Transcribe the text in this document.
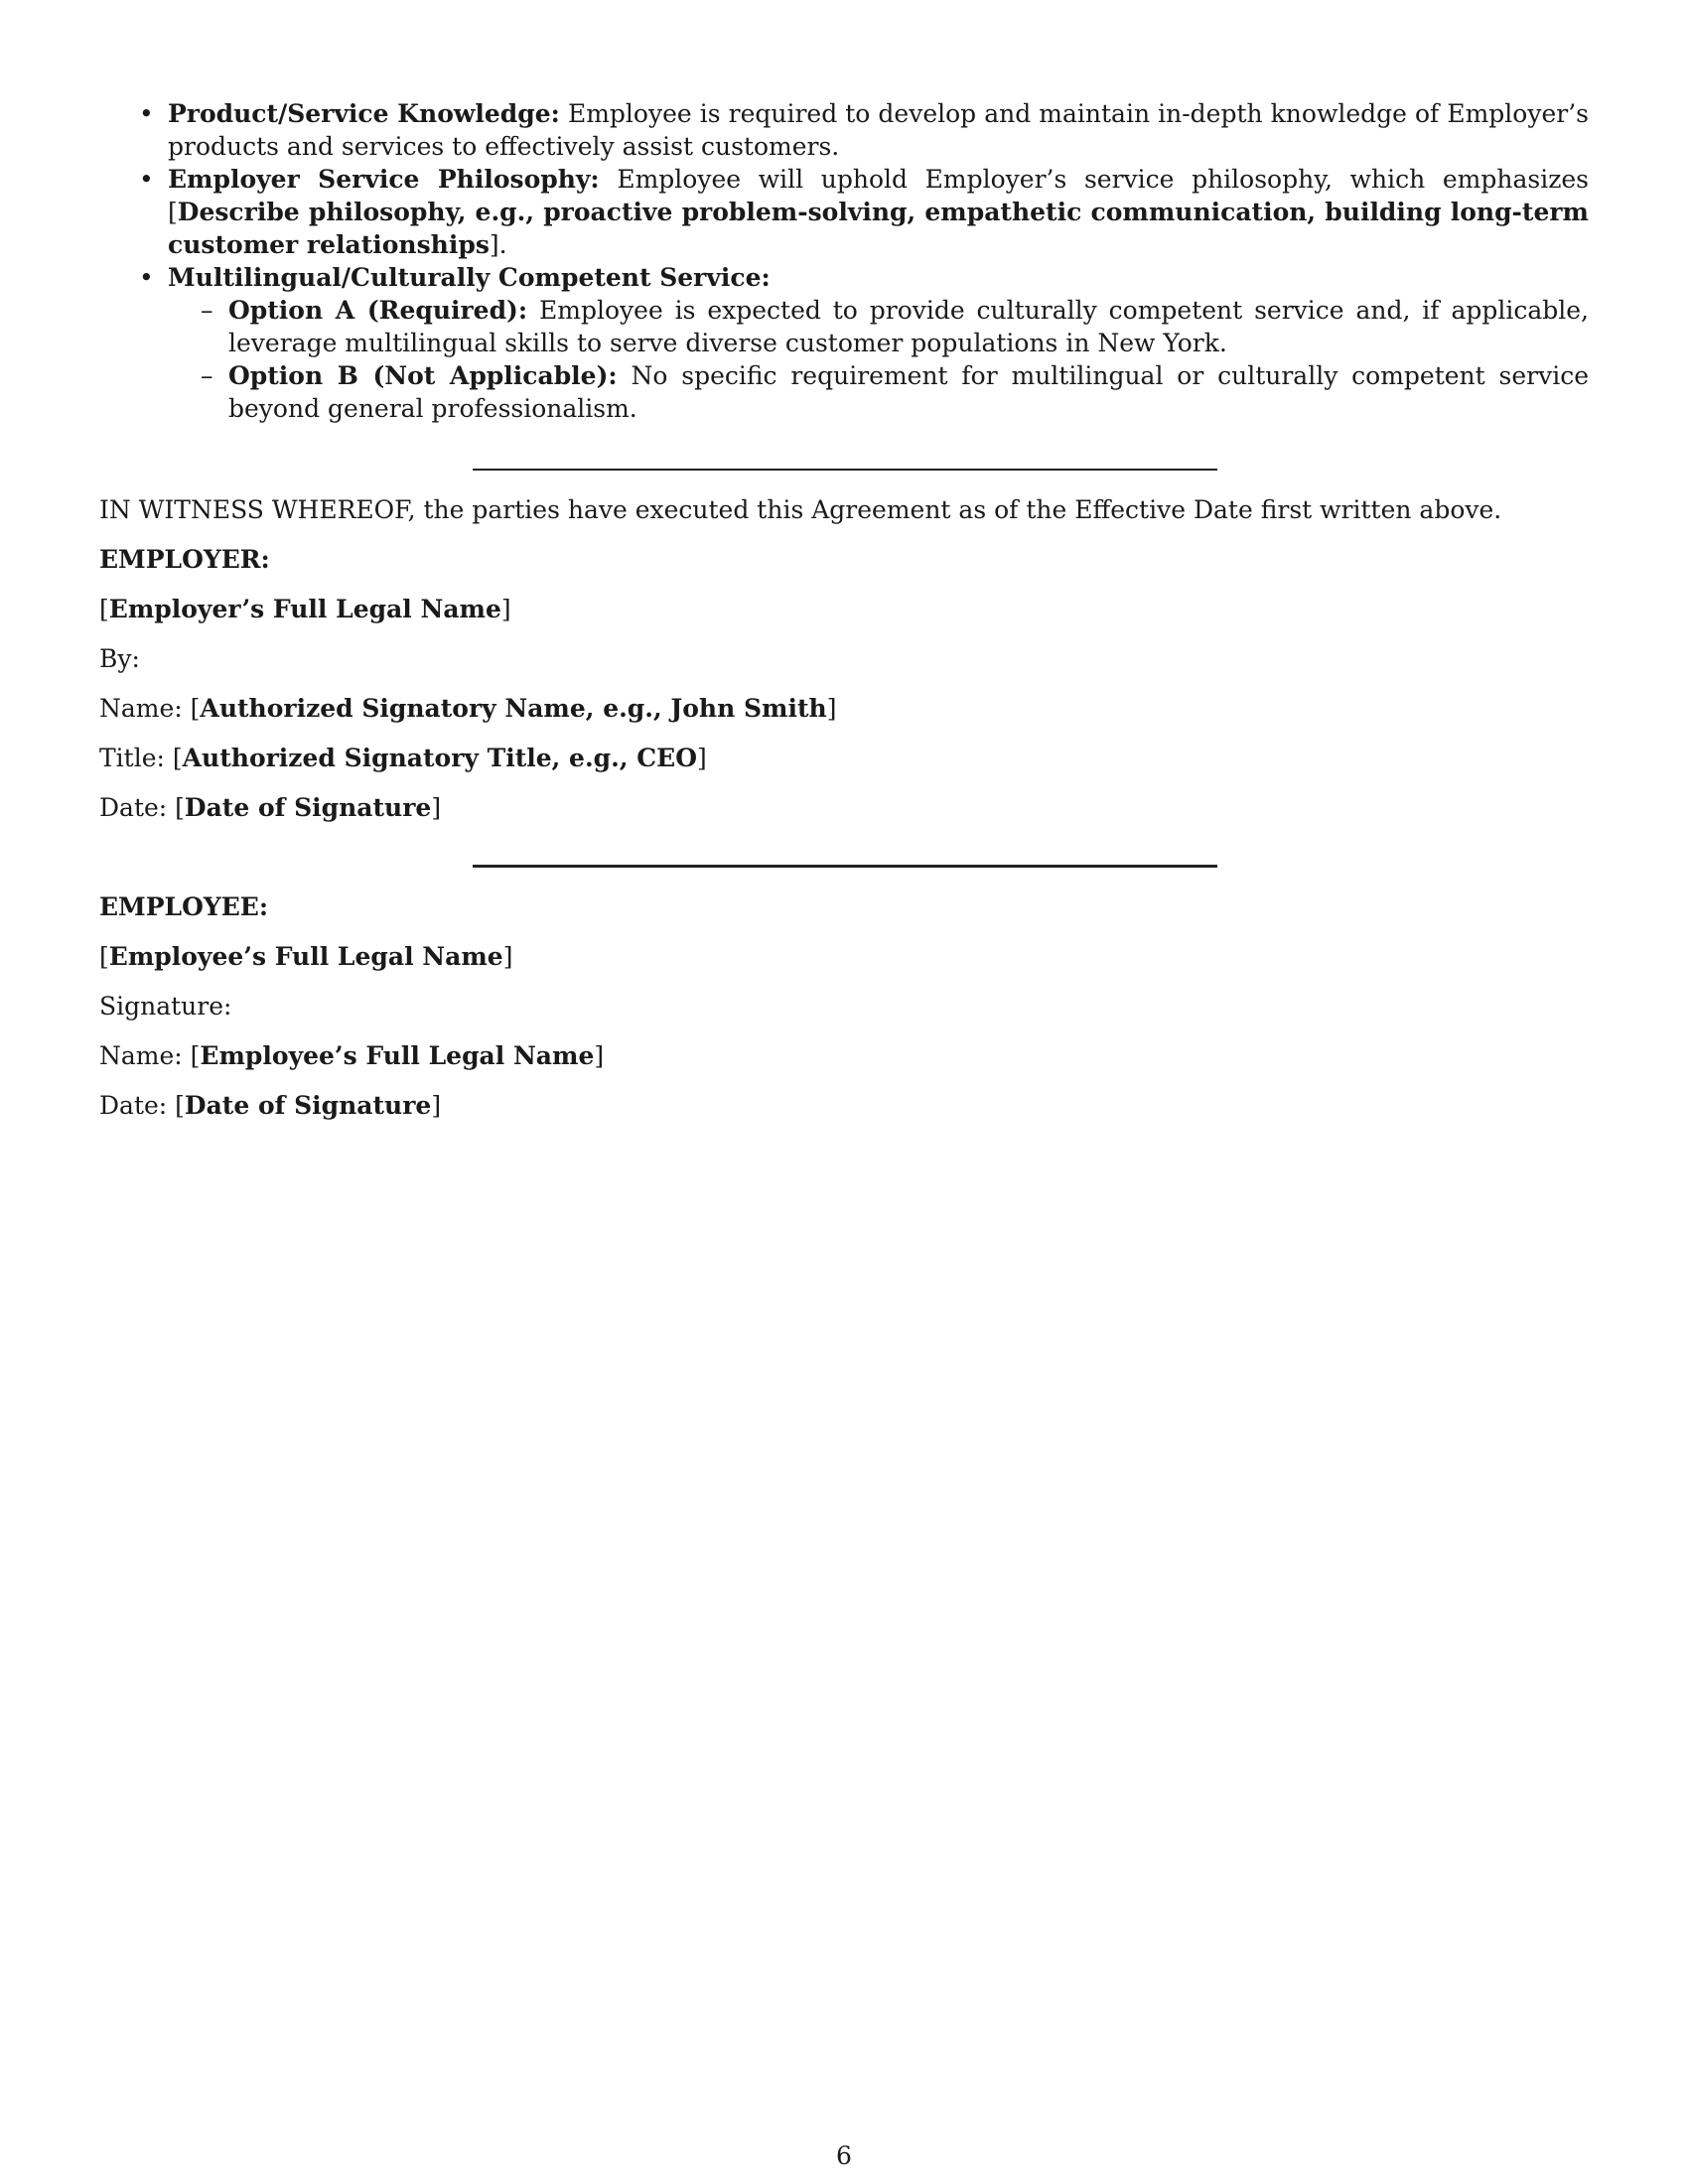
• Product/Service Knowledge: Employee is required to develop and maintain in-depth knowledge of Employer’s products and services to effectively assist customers.
• Employer Service Philosophy: Employee will uphold Employer’s service philosophy, which emphasizes [Describe philosophy, e.g., proactive problem-solving, empathetic communication, building long-term customer relationships].
• Multilingual/Culturally Competent Service:
– Option A (Required): Employee is expected to provide culturally competent service and, if applicable, leverage multilingual skills to serve diverse customer populations in New York.
– Option B (Not Applicable): No specific requirement for multilingual or culturally competent service beyond general professionalism.
IN WITNESS WHEREOF, the parties have executed this Agreement as of the Effective Date first written above.
EMPLOYER:
[Employer’s Full Legal Name]
By:
Name: [Authorized Signatory Name, e.g., John Smith]
Title: [Authorized Signatory Title, e.g., CEO]
Date: [Date of Signature]
EMPLOYEE:
[Employee’s Full Legal Name]
Signature:
Name: [Employee’s Full Legal Name]
Date: [Date of Signature]
6
